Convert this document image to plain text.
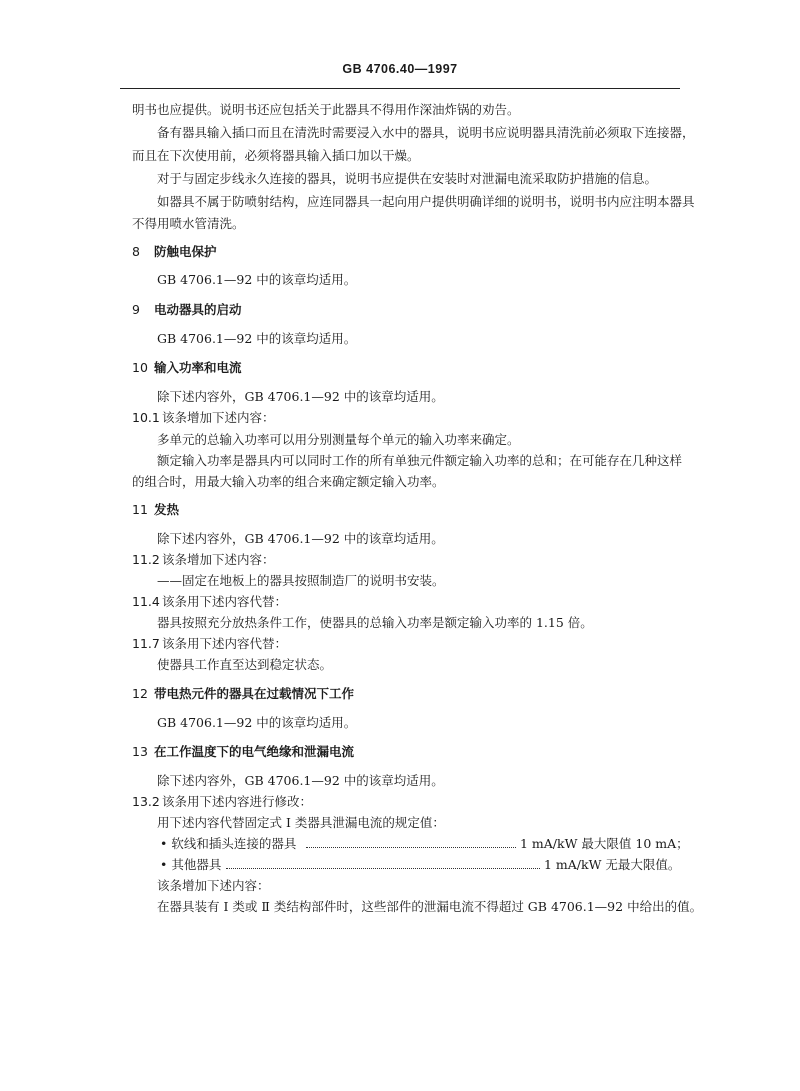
GB 4706.40—1997
明书也应提供。说明书还应包括关于此器具不得用作深油炸锅的劝告。
备有器具输入插口而且在清洗时需要浸入水中的器具，说明书应说明器具清洗前必须取下连接器，
而且在下次使用前，必须将器具输入插口加以干燥。
对于与固定步线永久连接的器具，说明书应提供在安装时对泄漏电流采取防护措施的信息。
如器具不属于防喷射结构，应连同器具一起向用户提供明确详细的说明书，说明书内应注明本器具
不得用喷水管清洗。
8 防触电保护
GB 4706.1—92 中的该章均适用。
9 电动器具的启动
GB 4706.1—92 中的该章均适用。
10 输入功率和电流
除下述内容外，GB 4706.1—92 中的该章均适用。
10.1 该条增加下述内容：
多单元的总输入功率可以用分别测量每个单元的输入功率来确定。
额定输入功率是器具内可以同时工作的所有单独元件额定输入功率的总和；在可能存在几种这样
的组合时，用最大输入功率的组合来确定额定输入功率。
11 发热
除下述内容外，GB 4706.1—92 中的该章均适用。
11.2 该条增加下述内容：
——固定在地板上的器具按照制造厂的说明书安装。
11.4 该条用下述内容代替：
器具按照充分放热条件工作，使器具的总输入功率是额定输入功率的 1.15 倍。
11.7 该条用下述内容代替：
使器具工作直至达到稳定状态。
12 带电热元件的器具在过载情况下工作
GB 4706.1—92 中的该章均适用。
13 在工作温度下的电气绝缘和泄漏电流
除下述内容外，GB 4706.1—92 中的该章均适用。
13.2 该条用下述内容进行修改：
用下述内容代替固定式 I 类器具泄漏电流的规定值：
• 软线和插头连接的器具	1 mA/kW 最大限值 10 mA；
• 其他器具	1 mA/kW 无最大限值。
该条增加下述内容：
在器具装有 I 类或 Ⅱ 类结构部件时，这些部件的泄漏电流不得超过 GB 4706.1—92 中给出的值。
